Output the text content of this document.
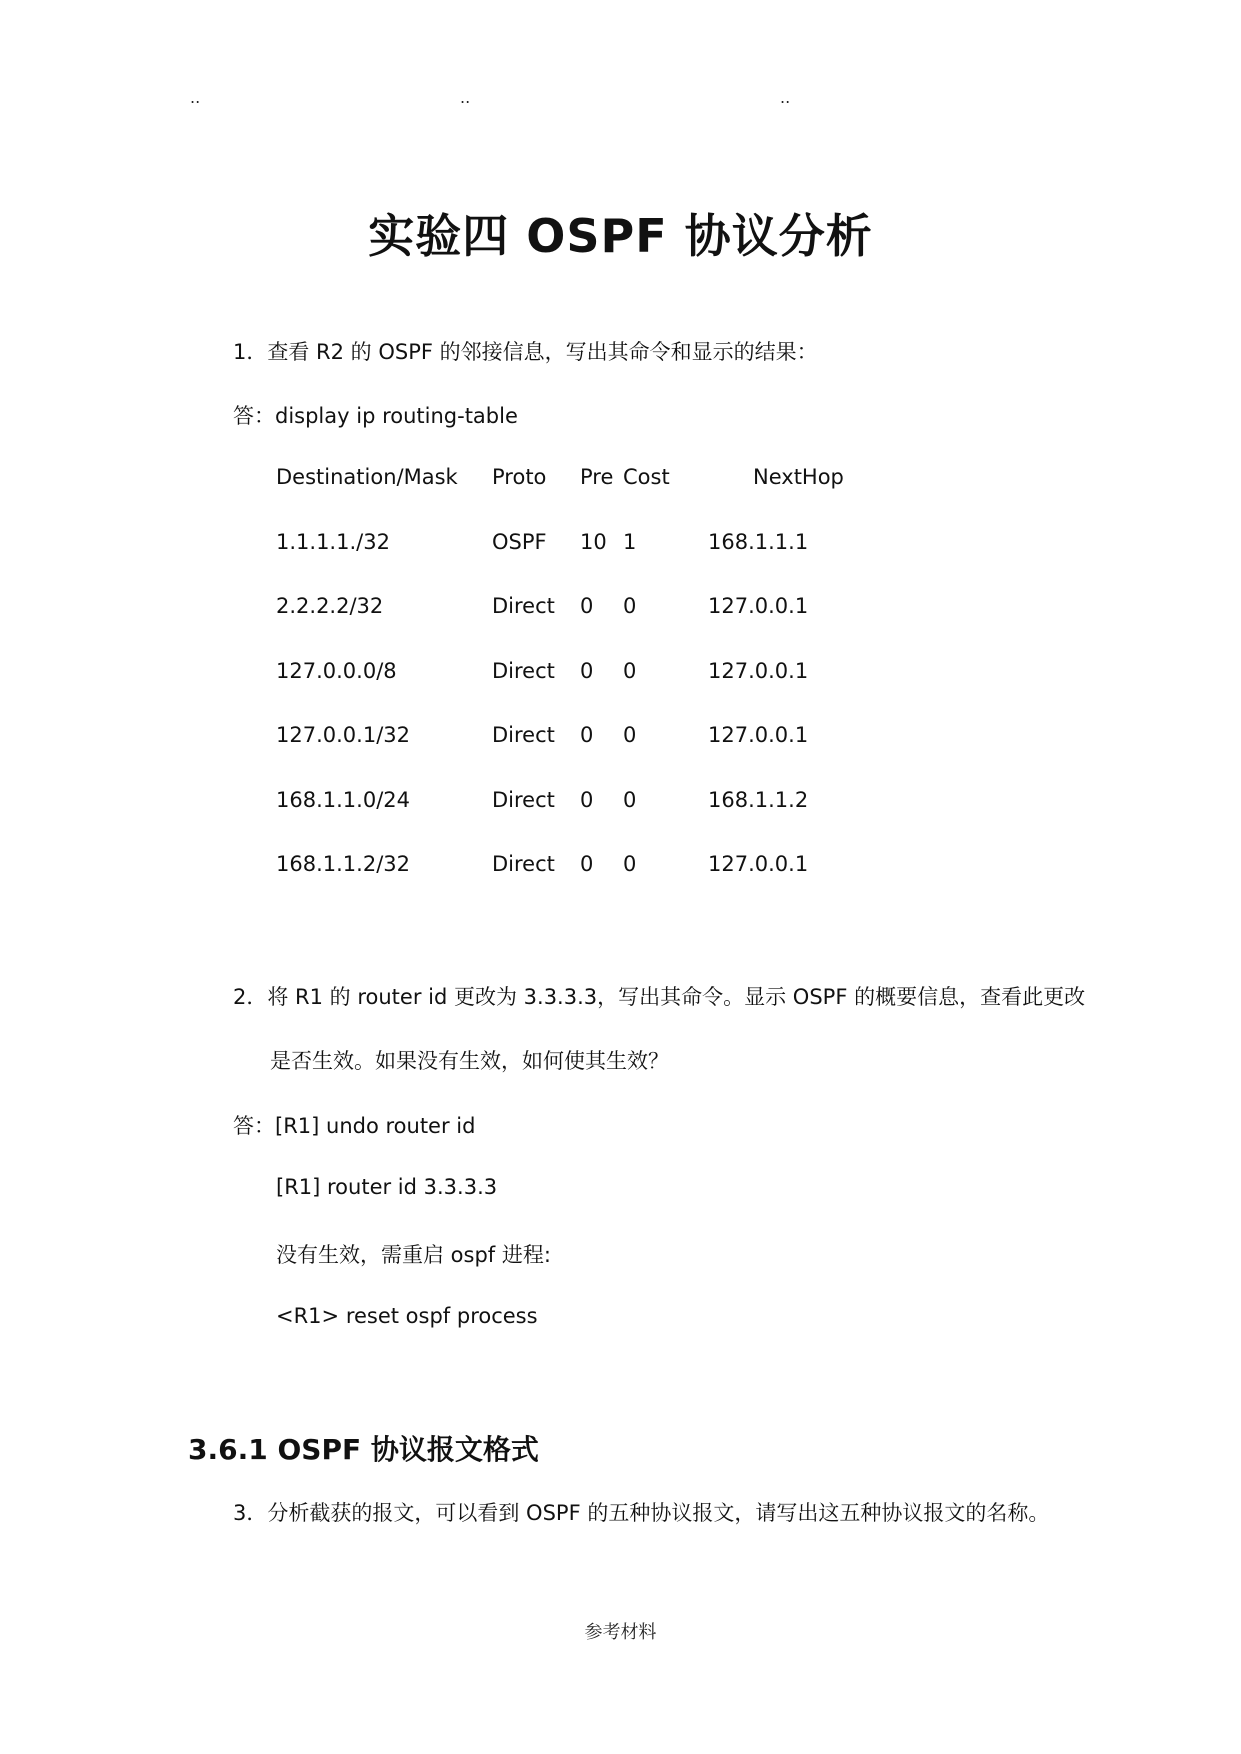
..	..	..
实验四 OSPF 协议分析
1．查看 R2 的 OSPF 的邻接信息，写出其命令和显示的结果：
答：display ip routing-table
Destination/Mask Proto Pre Cost	NextHop
1.1.1.1./32	OSPF 10 1	168.1.1.1
2.2.2.2/32	Direct 0 0	127.0.0.1
127.0.0.0/8	Direct 0 0	127.0.0.1
127.0.0.1/32	Direct 0 0	127.0.0.1
168.1.1.0/24	Direct 0 0	168.1.1.2
168.1.1.2/32	Direct 0 0	127.0.0.1
2．将 R1 的 router id 更改为 3.3.3.3，写出其命令。显示 OSPF 的概要信息，查看此更改
是否生效。如果没有生效，如何使其生效？
答：[R1] undo router id
[R1] router id 3.3.3.3
没有生效，需重启 ospf 进程:
<R1> reset ospf process
3.6.1 OSPF 协议报文格式
3．分析截获的报文，可以看到 OSPF 的五种协议报文，请写出这五种协议报文的名称。
参考材料
